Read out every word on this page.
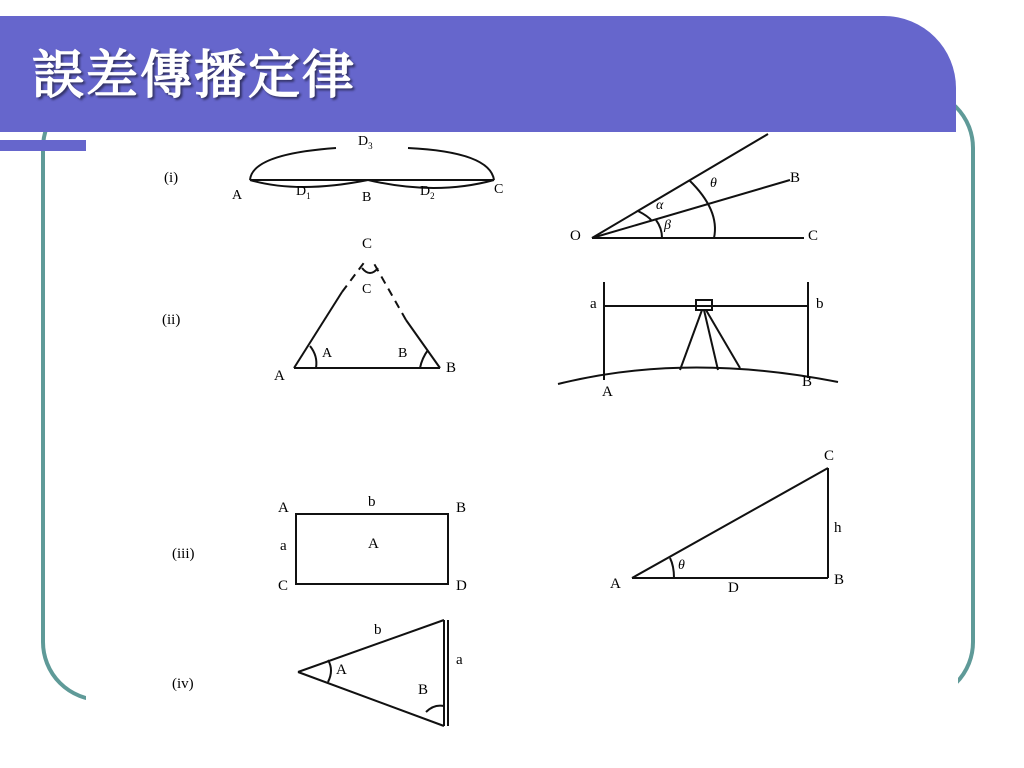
誤差傳播定律
(i)
$D_3$
$D_1$	$D_2$
A	B
C
O
B
C
α
β
θ
(ii)
A	B
C
A	B
C
a	b
A
B
(iii)
A	B
C	D
b
a	A
A	B
C
h
D
θ
(iv)
b
a
A
B
